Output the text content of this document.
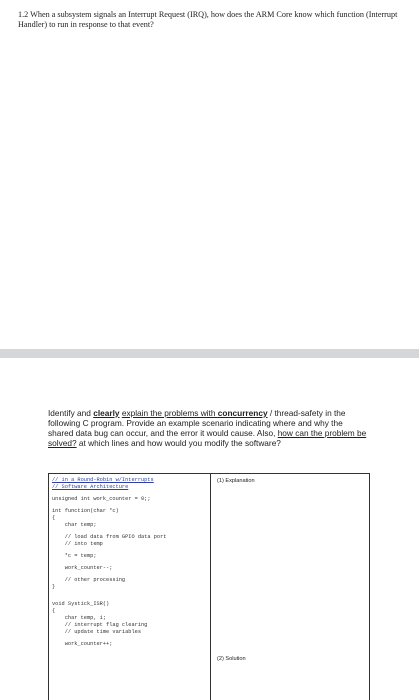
1.2 When a subsystem signals an Interrupt Request (IRQ), how does the ARM Core know which function (Interrupt Handler) to run in response to that event?
Identify and clearly explain the problems with concurrency / thread-safety in the following C program. Provide an example scenario indicating where and why the shared data bug can occur, and the error it would cause. Also, how can the problem be solved? at which lines and how would you modify the software?
// in a Round-Robin w/Interrupts
// Software Architecture
unsigned int work_counter = 0;;
int function(char *c)
{
char temp;
// load data from GPIO data port
// into temp
*c = temp;
work_counter--;
// other processing
}
void Systick_ISR()
{
char temp, i;
// interrupt flag clearing
// update time variables
work_counter++;
(1) Explanation
(2) Solution
